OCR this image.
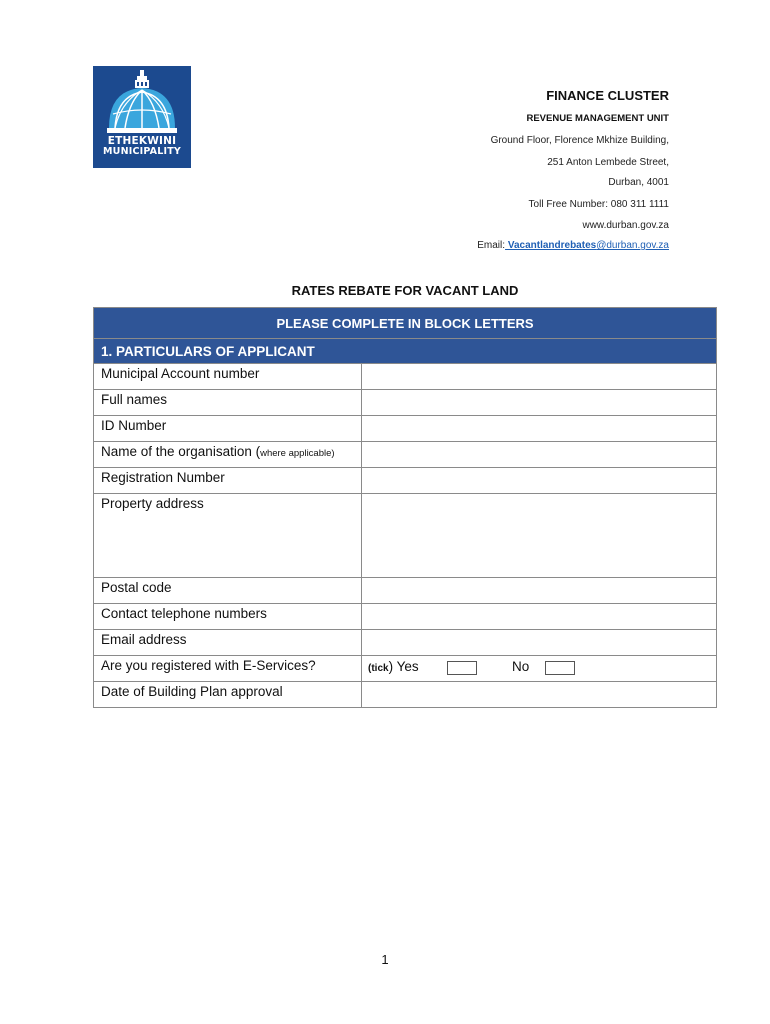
ETHEKWINI
MUNICIPALITY
FINANCE CLUSTER
REVENUE MANAGEMENT UNIT
Ground Floor, Florence Mkhize Building,
251 Anton Lembede Street,
Durban, 4001
Toll Free Number: 080 311 1111
www.durban.gov.za
Email: Vacantlandrebates@durban.gov.za
RATES REBATE FOR VACANT LAND
PLEASE COMPLETE IN BLOCK LETTERS	
1. PARTICULARS OF APPLICANT	
Municipal Account number	
Full names	
ID Number	
Name of the organisation (where applicable)	
Registration Number	
Property address	
Postal code	
Contact telephone numbers	
Email address	
Are you registered with E-Services?	(tick) Yes No

Date of Building Plan approval	
1
